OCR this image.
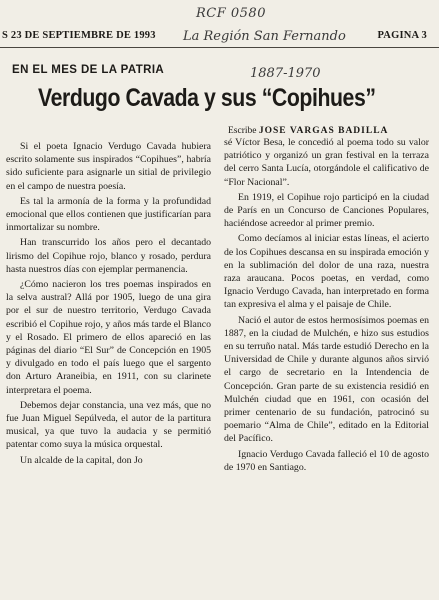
RCF 0580
S 23 DE SEPTIEMBRE DE 1993	PAGINA 3
La Región San Fernando
EN EL MES DE LA PATRIA	1887-1970
Verdugo Cavada y sus “Copihues”
Escribe JOSE VARGAS BADILLA

Si el poeta Ignacio Verdugo Cavada hubiera escrito solamente sus inspirados “Copihues”, habría sido suficiente para asignarle un sitial de privilegio en el campo de nuestra poesía.

Es tal la armonía de la forma y la profundidad emocional que ellos contienen que justificarían para inmortalizar su nombre.

Han transcurrido los años pero el decantado lirismo del Copihue rojo, blanco y rosado, perdura hasta nuestros días con ejemplar permanencia.

¿Cómo nacieron los tres poemas inspirados en la selva austral? Allá por 1905, luego de una gira por el sur de nuestro territorio, Verdugo Cavada escribió el Copihue rojo, y años más tarde el Blanco y el Rosado. El primero de ellos apareció en las páginas del diario “El Sur” de Concepción en 1905 y divulgado en todo el país luego que el sargento don Arturo Araneibia, en 1911, con su clarinete interpretara el poema.

Debemos dejar constancia, una vez más, que no fue Juan Miguel Sepúlveda, el autor de la partitura musical, ya que tuvo la audacia y se permitió patentar como suya la música orquestal.

Un alcalde de la capital, don Jo

sé Víctor Besa, le concedió al poema todo su valor patriótico y organizó un gran festival en la terraza del cerro Santa Lucía, otorgándole el calificativo de “Flor Nacional”.

En 1919, el Copihue rojo participó en la ciudad de París en un Concurso de Canciones Populares, haciéndose acreedor al primer premio.

Como decíamos al iniciar estas líneas, el acierto de los Copihues descansa en su inspirada emoción y en la sublimación del dolor de una raza, nuestra raza araucana. Pocos poetas, en verdad, como Ignacio Verdugo Cavada, han interpretado en forma tan expresiva el alma y el paisaje de Chile.

Nació el autor de estos hermosísimos poemas en 1887, en la ciudad de Mulchén, e hizo sus estudios en su terruño natal. Más tarde estudió Derecho en la Universidad de Chile y durante algunos años sirvió el cargo de secretario en la Intendencia de Concepción. Gran parte de su existencia residió en Mulchén ciudad que en 1961, con ocasión del primer centenario de su fundación, patrocinó su poemario “Alma de Chile”, editado en la Editorial del Pacífico.

Ignacio Verdugo Cavada falleció el 10 de agosto de 1970 en Santiago.
